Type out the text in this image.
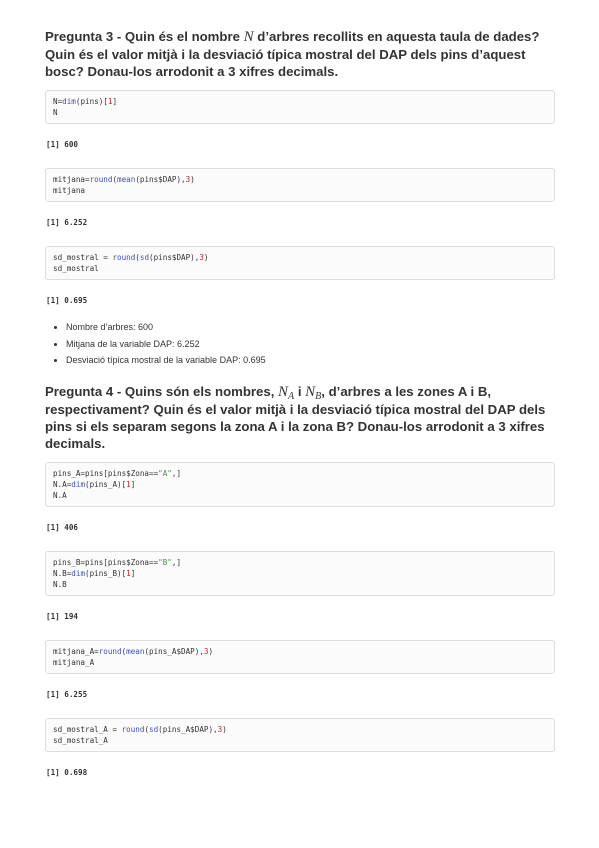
Pregunta 3 - Quin és el nombre N d’arbres recollits en aquesta taula de dades? Quin és el valor mitjà i la desviació típica mostral del DAP dels pins d’aquest bosc? Donau-los arrodonit a 3 xifres decimals.
N=dim(pins)[1]
N
[1] 600
mitjana=round(mean(pins$DAP),3)
mitjana
[1] 6.252
sd_mostral = round(sd(pins$DAP),3)
sd_mostral
[1] 0.695
• Nombre d’arbres: 600
• Mitjana de la variable DAP: 6.252
• Desviació típica mostral de la variable DAP: 0.695
Pregunta 4 - Quins són els nombres, $N_A$ i $N_B$, d’arbres a les zones A i B, respectivament? Quin és el valor mitjà i la desviació típica mostral del DAP dels pins si els separam segons la zona A i la zona B? Donau-los arrodonit a 3 xifres decimals.
pins_A=pins[pins$Zona=="A",]
N.A=dim(pins_A)[1]
N.A
[1] 406
pins_B=pins[pins$Zona=="B",]
N.B=dim(pins_B)[1]
N.B
[1] 194
mitjana_A=round(mean(pins_A$DAP),3)
mitjana_A
[1] 6.255
sd_mostral_A = round(sd(pins_A$DAP),3)
sd_mostral_A
[1] 0.698
